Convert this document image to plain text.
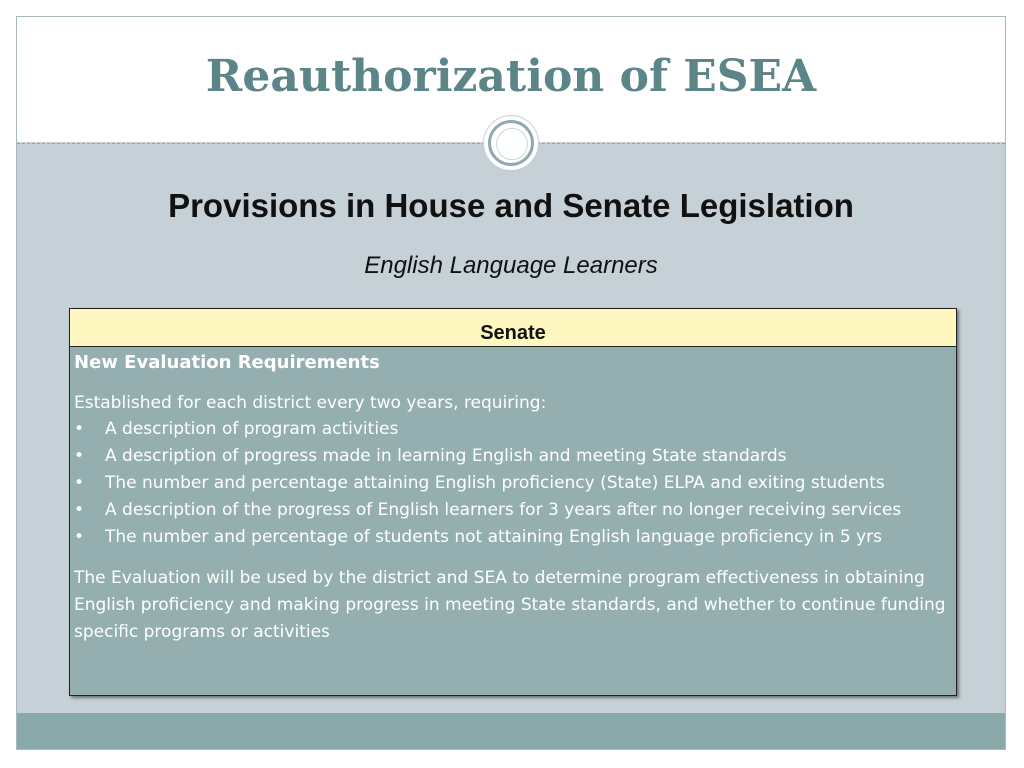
Reauthorization of ESEA
Provisions in House and Senate Legislation
English Language Learners
Senate
New Evaluation Requirements
Established for each district every two years, requiring:
• A description of program activities
• A description of progress made in learning English and meeting State standards
• The number and percentage attaining English proficiency (State) ELPA and exiting students
• A description of the progress of English learners for 3 years after no longer receiving services
• The number and percentage of students not attaining English language proficiency in 5 yrs
The Evaluation will be used by the district and SEA to determine program effectiveness in obtaining English proficiency and making progress in meeting State standards, and whether to continue funding specific programs or activities
